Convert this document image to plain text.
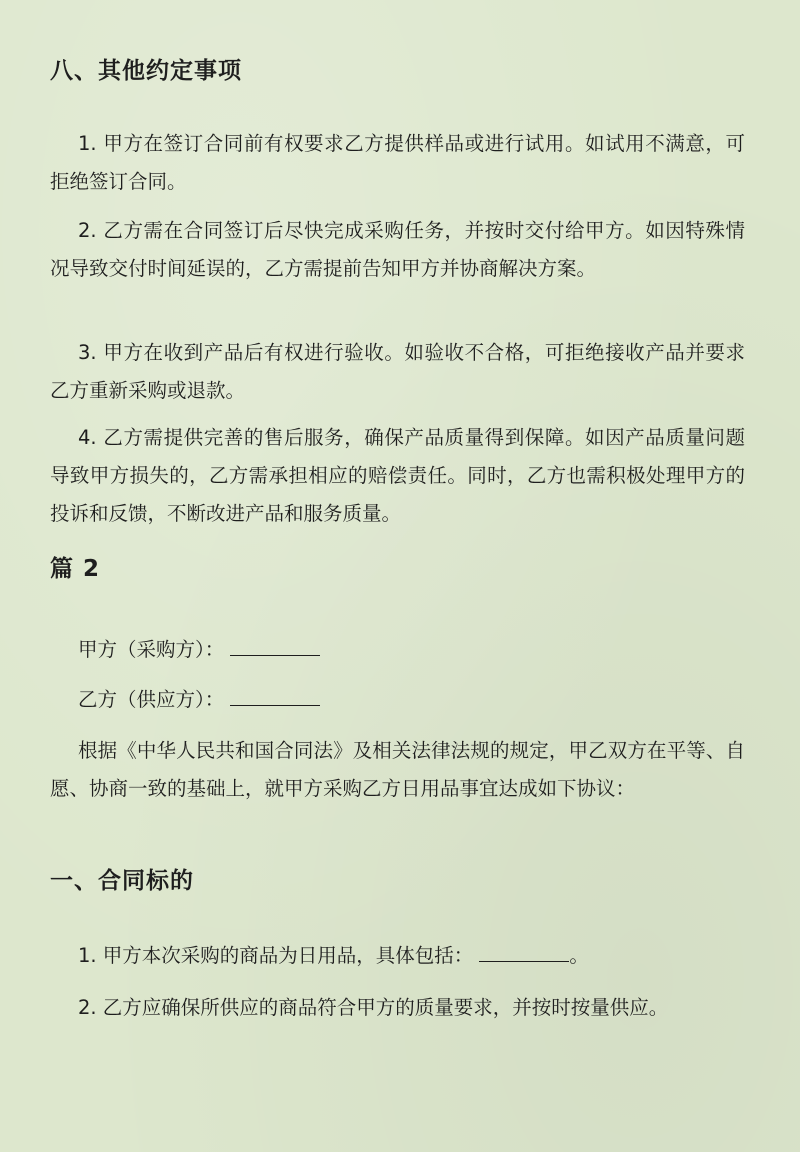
八、其他约定事项

1. 甲方在签订合同前有权要求乙方提供样品或进行试用。如试用不满意，可拒绝签订合同。

2. 乙方需在合同签订后尽快完成采购任务，并按时交付给甲方。如因特殊情况导致交付时间延误的，乙方需提前告知甲方并协商解决方案。

3. 甲方在收到产品后有权进行验收。如验收不合格，可拒绝接收产品并要求乙方重新采购或退款。

4. 乙方需提供完善的售后服务，确保产品质量得到保障。如因产品质量问题导致甲方损失的，乙方需承担相应的赔偿责任。同时，乙方也需积极处理甲方的投诉和反馈，不断改进产品和服务质量。

篇 2
甲方（采购方）：
乙方（供应方）：

根据《中华人民共和国合同法》及相关法律法规的规定，甲乙双方在平等、自愿、协商一致的基础上，就甲方采购乙方日用品事宜达成如下协议：

一、合同标的
1. 甲方本次采购的商品为日用品，具体包括：	。

2. 乙方应确保所供应的商品符合甲方的质量要求，并按时按量供应。
